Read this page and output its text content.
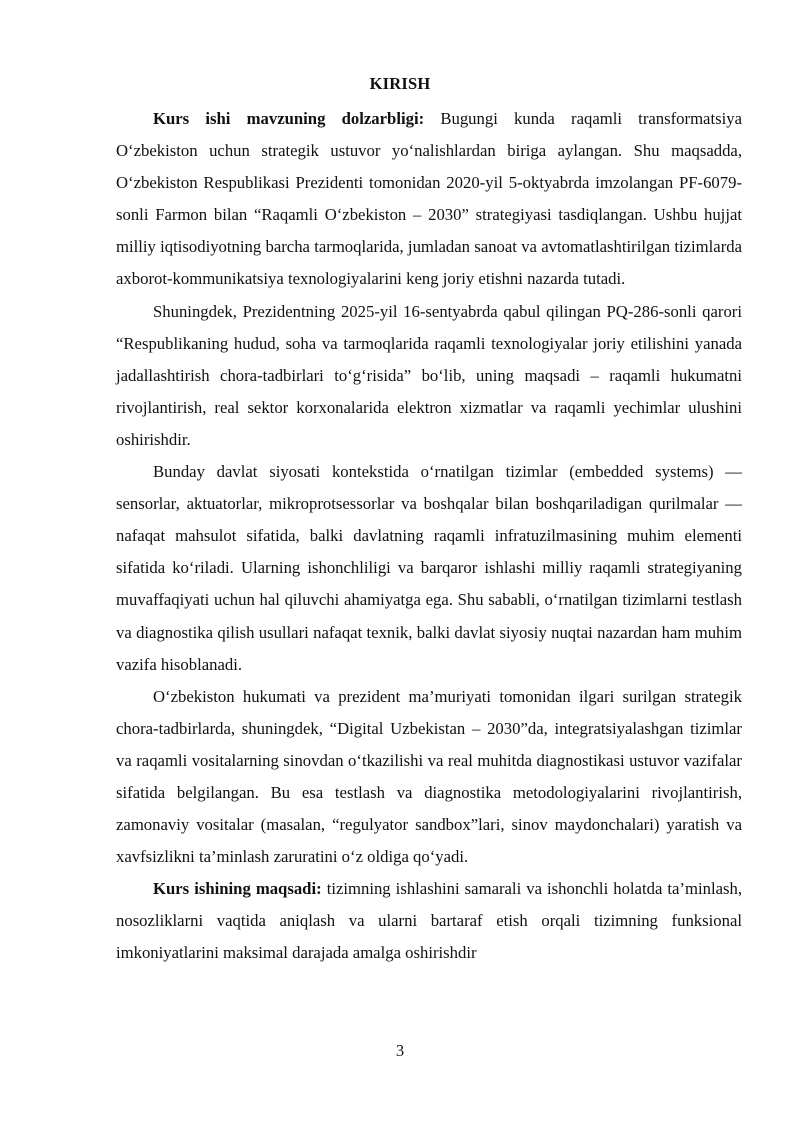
KIRISH

Kurs ishi mavzuning dolzarbligi: Bugungi kunda raqamli transformatsiya O‘zbekiston uchun strategik ustuvor yo‘nalishlardan biriga aylangan. Shu maqsadda, O‘zbekiston Respublikasi Prezidenti tomonidan 2020-yil 5-oktyabrda imzolangan PF-6079-sonli Farmon bilan “Raqamli O‘zbekiston – 2030” strategiyasi tasdiqlangan. Ushbu hujjat milliy iqtisodiyotning barcha tarmoqlarida, jumladan sanoat va avtomatlashtirilgan tizimlarda axborot-kommunikatsiya texnologiyalarini keng joriy etishni nazarda tutadi.

Shuningdek, Prezidentning 2025-yil 16-sentyabrda qabul qilingan PQ-286-sonli qarori “Respublikaning hudud, soha va tarmoqlarida raqamli texnologiyalar joriy etilishini yanada jadallashtirish chora-tadbirlari to‘g‘risida” bo‘lib, uning maqsadi – raqamli hukumatni rivojlantirish, real sektor korxonalarida elektron xizmatlar va raqamli yechimlar ulushini oshirishdir.

Bunday davlat siyosati kontekstida o‘rnatilgan tizimlar (embedded systems) — sensorlar, aktuatorlar, mikroprotsessorlar va boshqalar bilan boshqariladigan qurilmalar — nafaqat mahsulot sifatida, balki davlatning raqamli infratuzilmasining muhim elementi sifatida ko‘riladi. Ularning ishonchliligi va barqaror ishlashi milliy raqamli strategiyaning muvaffaqiyati uchun hal qiluvchi ahamiyatga ega. Shu sababli, o‘rnatilgan tizimlarni testlash va diagnostika qilish usullari nafaqat texnik, balki davlat siyosiy nuqtai nazardan ham muhim vazifa hisoblanadi.

O‘zbekiston hukumati va prezident ma’muriyati tomonidan ilgari surilgan strategik chora-tadbirlarda, shuningdek, “Digital Uzbekistan – 2030”da, integratsiyalashgan tizimlar va raqamli vositalarning sinovdan o‘tkazilishi va real muhitda diagnostikasi ustuvor vazifalar sifatida belgilangan. Bu esa testlash va diagnostika metodologiyalarini rivojlantirish, zamonaviy vositalar (masalan, “regulyator sandbox”lari, sinov maydonchalari) yaratish va xavfsizlikni ta’minlash zaruratini o‘z oldiga qo‘yadi.

Kurs ishining maqsadi: tizimning ishlashini samarali va ishonchli holatda ta’minlash, nosozliklarni vaqtida aniqlash va ularni bartaraf etish orqali tizimning funksional imkoniyatlarini maksimal darajada amalga oshirishdir

3
